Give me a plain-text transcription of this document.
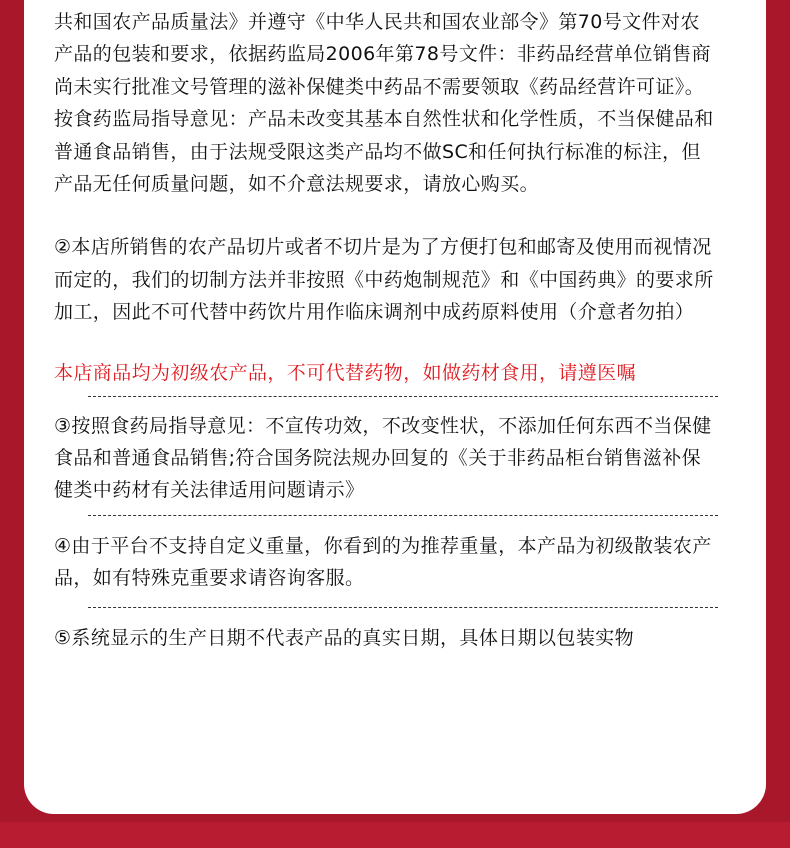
共和国农产品质量法》并遵守《中华人民共和国农业部令》第70号文件对农产品的包装和要求，依据药监局2006年第78号文件：非药品经营单位销售商尚未实行批准文号管理的滋补保健类中药品不需要领取《药品经营许可证》。按食药监局指导意见：产品未改变其基本自然性状和化学性质，不当保健品和普通食品销售，由于法规受限这类产品均不做SC和任何执行标准的标注，但产品无任何质量问题，如不介意法规要求，请放心购买。

②本店所销售的农产品切片或者不切片是为了方便打包和邮寄及使用而视情况而定的，我们的切制方法并非按照《中药炮制规范》和《中国药典》的要求所加工，因此不可代替中药饮片用作临床调剂中成药原料使用（介意者勿拍）

本店商品均为初级农产品，不可代替药物，如做药材食用，请遵医嘱

③按照食药局指导意见：不宣传功效，不改变性状，不添加任何东西不当保健食品和普通食品销售;符合国务院法规办回复的《关于非药品柜台销售滋补保健类中药材有关法律适用问题请示》

④由于平台不支持自定义重量，你看到的为推荐重量，本产品为初级散装农产品，如有特殊克重要求请咨询客服。

⑤系统显示的生产日期不代表产品的真实日期，具体日期以包装实物
